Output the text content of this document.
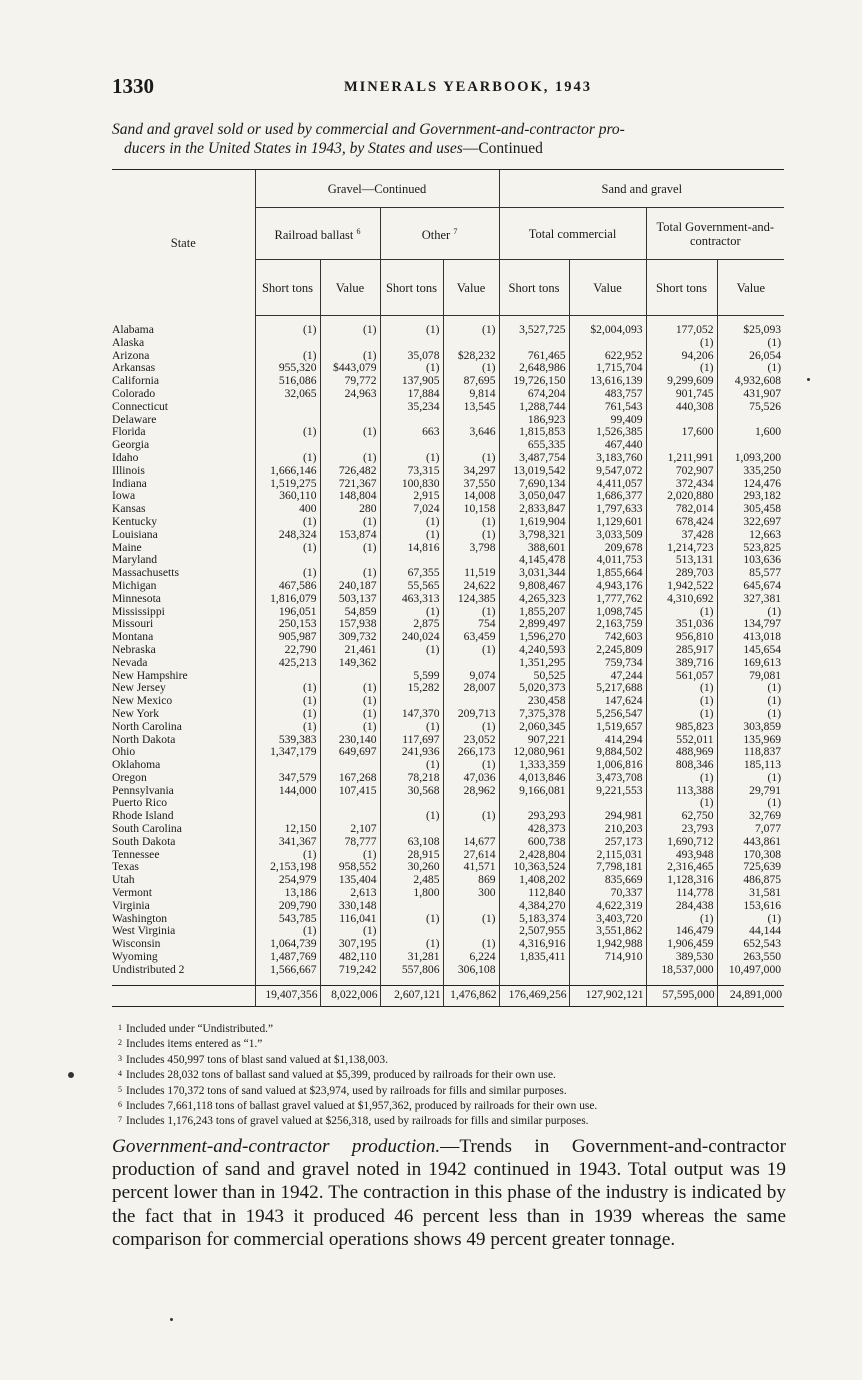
1330	MINERALS YEARBOOK, 1943
Sand and gravel sold or used by commercial and Government-and-contractor pro-
ducers in the United States in 1943, by States and uses—Continued
State	Gravel—Continued				Sand and gravel			
	Railroad ballast $^6$		Other $^7$		Total commercial		Total Government-and-contractor	
	Short tons	Value	Short tons	Value	Short tons	Value	Short tons	Value

Alabama	(1)	(1)	(1)	(1)	3,527,725	$2,004,093	177,052	$25,093
Alaska							(1)	(1)
Arizona	(1)	(1)	35,078	$28,232	761,465	622,952	94,206	26,054
Arkansas	955,320	$443,079	(1)	(1)	2,648,986	1,715,704	(1)	(1)
California	516,086	79,772	137,905	87,695	19,726,150	13,616,139	9,299,609	4,932,608
Colorado	32,065	24,963	17,884	9,814	674,204	483,757	901,745	431,907
Connecticut			35,234	13,545	1,288,744	761,543	440,308	75,526
Delaware					186,923	99,409		
Florida	(1)	(1)	663	3,646	1,815,853	1,526,385	17,600	1,600
Georgia					655,335	467,440		
Idaho	(1)	(1)	(1)	(1)	3,487,754	3,183,760	1,211,991	1,093,200
Illinois	1,666,146	726,482	73,315	34,297	13,019,542	9,547,072	702,907	335,250
Indiana	1,519,275	721,367	100,830	37,550	7,690,134	4,411,057	372,434	124,476
Iowa	360,110	148,804	2,915	14,008	3,050,047	1,686,377	2,020,880	293,182
Kansas	400	280	7,024	10,158	2,833,847	1,797,633	782,014	305,458
Kentucky	(1)	(1)	(1)	(1)	1,619,904	1,129,601	678,424	322,697
Louisiana	248,324	153,874	(1)	(1)	3,798,321	3,033,509	37,428	12,663
Maine	(1)	(1)	14,816	3,798	388,601	209,678	1,214,723	523,825
Maryland					4,145,478	4,011,753	513,131	103,636
Massachusetts	(1)	(1)	67,355	11,519	3,031,344	1,855,664	289,703	85,577
Michigan	467,586	240,187	55,565	24,622	9,808,467	4,943,176	1,942,522	645,674
Minnesota	1,816,079	503,137	463,313	124,385	4,265,323	1,777,762	4,310,692	327,381
Mississippi	196,051	54,859	(1)	(1)	1,855,207	1,098,745	(1)	(1)
Missouri	250,153	157,938	2,875	754	2,899,497	2,163,759	351,036	134,797
Montana	905,987	309,732	240,024	63,459	1,596,270	742,603	956,810	413,018
Nebraska	22,790	21,461	(1)	(1)	4,240,593	2,245,809	285,917	145,654
Nevada	425,213	149,362			1,351,295	759,734	389,716	169,613
New Hampshire			5,599	9,074	50,525	47,244	561,057	79,081
New Jersey	(1)	(1)	15,282	28,007	5,020,373	5,217,688	(1)	(1)
New Mexico	(1)	(1)			230,458	147,624	(1)	(1)
New York	(1)	(1)	147,370	209,713	7,375,378	5,256,547	(1)	(1)
North Carolina	(1)	(1)	(1)	(1)	2,060,345	1,519,657	985,823	303,859
North Dakota	539,383	230,140	117,697	23,052	907,221	414,294	552,011	135,969
Ohio	1,347,179	649,697	241,936	266,173	12,080,961	9,884,502	488,969	118,837
Oklahoma			(1)	(1)	1,333,359	1,006,816	808,346	185,113
Oregon	347,579	167,268	78,218	47,036	4,013,846	3,473,708	(1)	(1)
Pennsylvania	144,000	107,415	30,568	28,962	9,166,081	9,221,553	113,388	29,791
Puerto Rico							(1)	(1)
Rhode Island			(1)	(1)	293,293	294,981	62,750	32,769
South Carolina	12,150	2,107			428,373	210,203	23,793	7,077
South Dakota	341,367	78,777	63,108	14,677	600,738	257,173	1,690,712	443,861
Tennessee	(1)	(1)	28,915	27,614	2,428,804	2,115,031	493,948	170,308
Texas	2,153,198	958,552	30,260	41,571	10,363,524	7,798,181	2,316,465	725,639
Utah	254,979	135,404	2,485	869	1,408,202	835,669	1,128,316	486,875
Vermont	13,186	2,613	1,800	300	112,840	70,337	114,778	31,581
Virginia	209,790	330,148			4,384,270	4,622,319	284,438	153,616
Washington	543,785	116,041	(1)	(1)	5,183,374	3,403,720	(1)	(1)
West Virginia	(1)	(1)			2,507,955	3,551,862	146,479	44,144
Wisconsin	1,064,739	307,195	(1)	(1)	4,316,916	1,942,988	1,906,459	652,543
Wyoming	1,487,769	482,110	31,281	6,224	1,835,411	714,910	389,530	263,550
Undistributed 2	1,566,667	719,242	557,806	306,108			18,537,000	10,497,000

	19,407,356	8,022,006	2,607,121	1,476,862	176,469,256	127,902,121	57,595,000	24,891,000

$^1$ Included under “Undistributed.”
$^2$ Includes items entered as “1.”
$^3$ Includes 450,997 tons of blast sand valued at $1,138,003.
$^4$ Includes 28,032 tons of ballast sand valued at $5,399, produced by railroads for their own use.
$^5$ Includes 170,372 tons of sand valued at $23,974, used by railroads for fills and similar purposes.
$^6$ Includes 7,661,118 tons of ballast gravel valued at $1,957,362, produced by railroads for their own use.
$^7$ Includes 1,176,243 tons of gravel valued at $256,318, used by railroads for fills and similar purposes.
Government-and-contractor production.—Trends in Government-and-contractor production of sand and gravel noted in 1942 continued in 1943. Total output was 19 percent lower than in 1942. The contraction in this phase of the industry is indicated by the fact that in 1943 it produced 46 percent less than in 1939 whereas the same comparison for commercial operations shows 49 percent greater tonnage.
